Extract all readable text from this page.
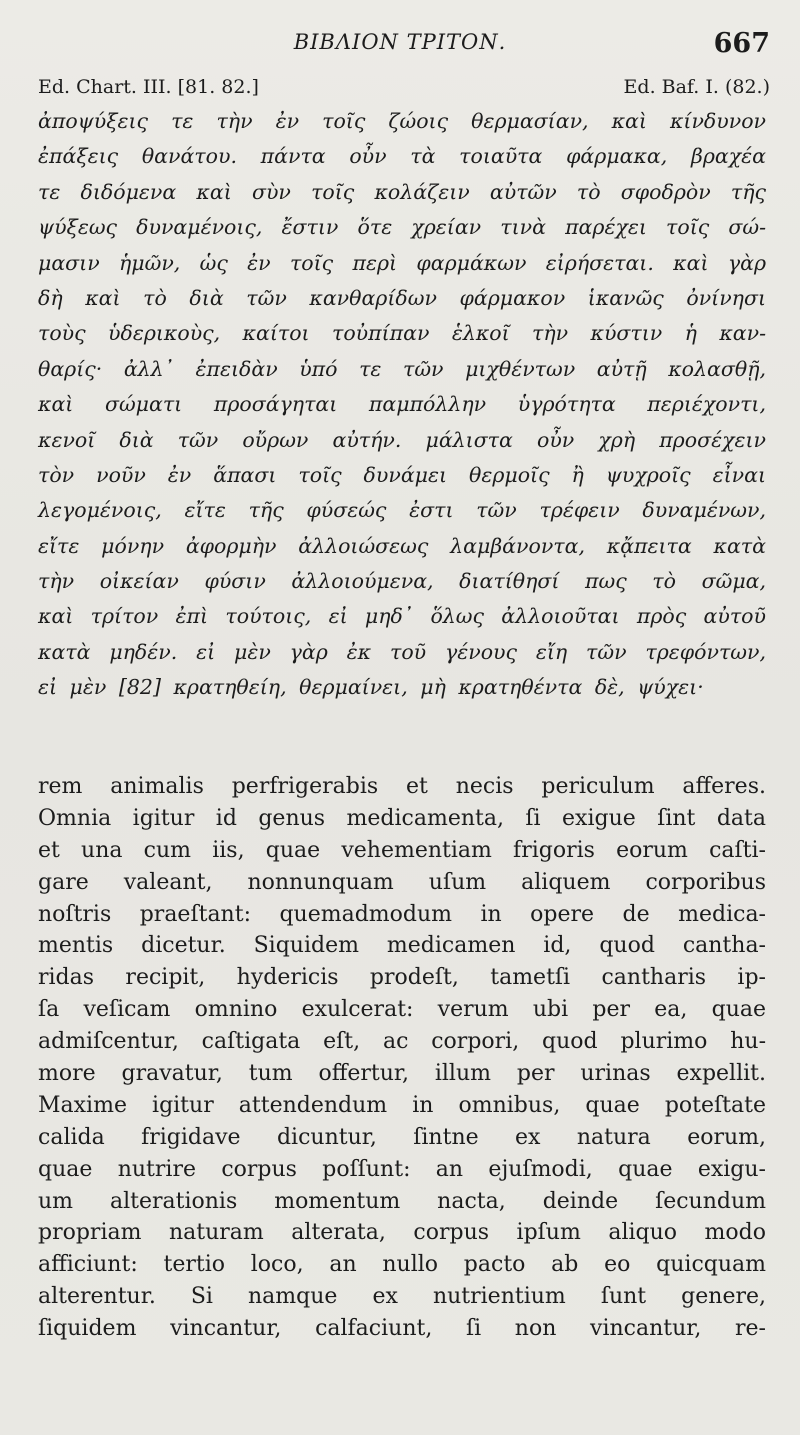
ΒΙΒΛΙΟΝ ΤΡΙΤΟΝ.	667
Ed. Chart. III. [81. 82.]	Ed. Baf. I. (82.)
ἀποψύξεις τε τὴν ἐν τοῖς ζώοις θερμασίαν, καὶ κίνδυνον
ἐπάξεις θανάτου. πάντα οὖν τὰ τοιαῦτα φάρμακα, βραχέα
τε διδόμενα καὶ σὺν τοῖς κολάζειν αὐτῶν τὸ σφοδρὸν τῆς
ψύξεως δυναμένοις, ἔστιν ὅτε χρείαν τινὰ παρέχει τοῖς σώ-
μασιν ἡμῶν, ὡς ἐν τοῖς περὶ φαρμάκων εἰρήσεται. καὶ γὰρ
δὴ καὶ τὸ διὰ τῶν κανθαρίδων φάρμακον ἱκανῶς ὀνίνησι
τοὺς ὑδερικοὺς, καίτοι τοὐπίπαν ἑλκοῖ τὴν κύστιν ἡ καν-
θαρίς· ἀλλ᾽ ἐπειδὰν ὑπό τε τῶν μιχθέντων αὐτῇ κολασθῇ,
καὶ σώματι προσάγηται παμπόλλην ὑγρότητα περιέχοντι,
κενοῖ διὰ τῶν οὔρων αὐτήν. μάλιστα οὖν χρὴ προσέχειν
τὸν νοῦν ἐν ἅπασι τοῖς δυνάμει θερμοῖς ἢ ψυχροῖς εἶναι
λεγομένοις, εἴτε τῆς φύσεώς ἐστι τῶν τρέφειν δυναμένων,
εἴτε μόνην ἀφορμὴν ἀλλοιώσεως λαμβάνοντα, κᾄπειτα κατὰ
τὴν οἰκείαν φύσιν ἀλλοιούμενα, διατίθησί πως τὸ σῶμα,
καὶ τρίτον ἐπὶ τούτοις, εἰ μηδ᾽ ὅλως ἀλλοιοῦται πρὸς αὐτοῦ
κατὰ μηδέν. εἰ μὲν γὰρ ἐκ τοῦ γένους εἴη τῶν τρεφόντων,
εἰ μὲν [82] κρατηθείη, θερμαίνει, μὴ κρατηθέντα δὲ, ψύχει·
rem animalis perfrigerabis et necis periculum afferes.
Omnia igitur id genus medicamenta, ſi exigue ſint data
et una cum iis, quae vehementiam frigoris eorum caſti-
gare valeant, nonnunquam uſum aliquem corporibus
noſtris praeſtant: quemadmodum in opere de medica-
mentis dicetur. Siquidem medicamen id, quod cantha-
ridas recipit, hydericis prodeſt, tametſi cantharis ip-
ſa veſicam omnino exulcerat: verum ubi per ea, quae
admiſcentur, caſtigata eſt, ac corpori, quod plurimo hu-
more gravatur, tum offertur, illum per urinas expellit.
Maxime igitur attendendum in omnibus, quae poteſtate
calida frigidave dicuntur, ſintne ex natura eorum,
quae nutrire corpus poſſunt: an ejuſmodi, quae exigu-
um alterationis momentum nacta, deinde ſecundum
propriam naturam alterata, corpus ipſum aliquo modo
afficiunt: tertio loco, an nullo pacto ab eo quicquam
alterentur. Si namque ex nutrientium ſunt genere,
ſiquidem vincantur, calfaciunt, ſi non vincantur, re-
